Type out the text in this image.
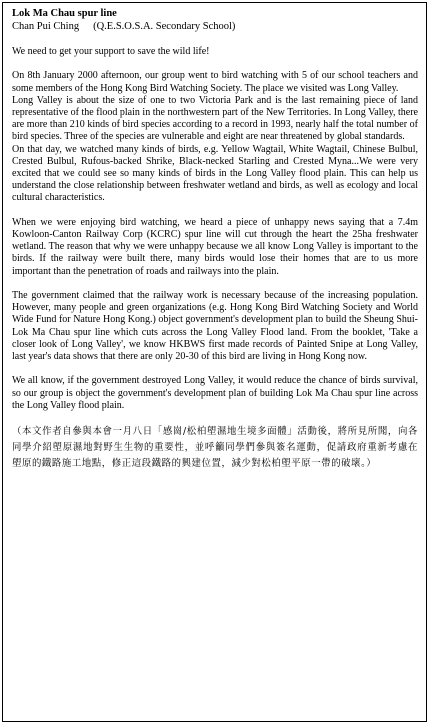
Lok Ma Chau spur line
Chan Pui Ching (Q.E.S.O.S.A. Secondary School)

We need to get your support to save the wild life!

On 8th January 2000 afternoon, our group went to bird watching with 5 of our school teachers and some members of the Hong Kong Bird Watching Society. The place we visited was Long Valley.

Long Valley is about the size of one to two Victoria Park and is the last remaining piece of land representative of the flood plain in the northwestern part of the New Territories. In Long Valley, there are more than 210 kinds of bird species according to a record in 1993, nearly half the total number of bird species. Three of the species are vulnerable and eight are near threatened by global standards.

On that day, we watched many kinds of birds, e.g. Yellow Wagtail, White Wagtail, Chinese Bulbul, Crested Bulbul, Rufous-backed Shrike, Black-necked Starling and Crested Myna...We were very excited that we could see so many kinds of birds in the Long Valley flood plain. This can help us understand the close relationship between freshwater wetland and birds, as well as ecology and local cultural characteristics.

When we were enjoying bird watching, we heard a piece of unhappy news saying that a 7.4m Kowloon-Canton Railway Corp (KCRC) spur line will cut through the heart the 25ha freshwater wetland. The reason that why we were unhappy because we all know Long Valley is important to the birds. If the railway were built there, many birds would lose their homes that are to us more important than the penetration of roads and railways into the plain.

The government claimed that the railway work is necessary because of the increasing population. However, many people and green organizations (e.g. Hong Kong Bird Watching Society and World Wide Fund for Nature Hong Kong.) object government's development plan to build the Sheung Shui-Lok Ma Chau spur line which cuts across the Long Valley Flood land. From the booklet, 'Take a closer look of Long Valley', we know HKBWS first made records of Painted Snipe at Long Valley, last year's data shows that there are only 20-30 of this bird are living in Hong Kong now.

We all know, if the government destroyed Long Valley, it would reduce the chance of birds survival, so our group is object the government's development plan of building Lok Ma Chau spur line across the Long Valley flood plain.

（本文作者自參與本會一月八日「感崗/松柏塱濕地生境多面體」活動後，將所見所聞，向各同學介紹塱原濕地對野生生物的重要性，並呼籲同學們參與簽名運動，促請政府重新考慮在塱原的鐵路施工地點，修正這段鐵路的興建位置，減少對松柏塱平原一帶的破壞。）
